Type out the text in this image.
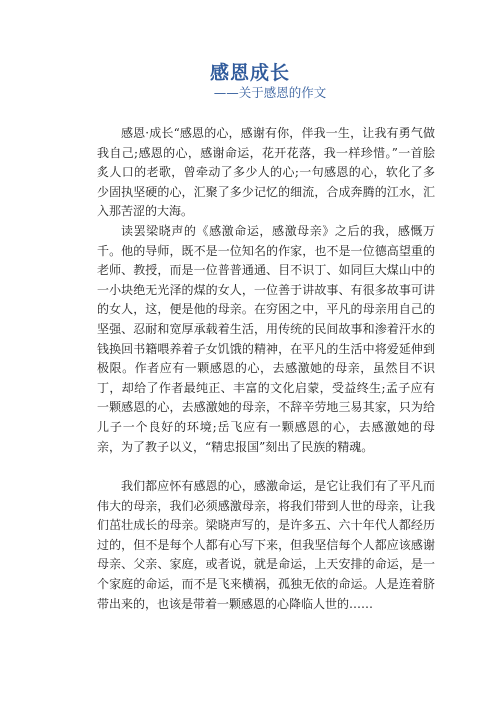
感恩成长
——关于感恩的作文

感恩·成长“感恩的心，感谢有你，伴我一生，让我有勇气做我自己;感恩的心，感谢命运，花开花落，我一样珍惜。”一首脍炙人口的老歌，曾牵动了多少人的心;一句感恩的心，软化了多少固执坚硬的心，汇聚了多少记忆的细流，合成奔腾的江水，汇入那苦涩的大海。

读罢梁晓声的《感激命运，感激母亲》之后的我，感慨万千。他的导师，既不是一位知名的作家，也不是一位德高望重的老师、教授，而是一位普普通通、目不识丁、如同巨大煤山中的一小块绝无光泽的煤的女人，一位善于讲故事、有很多故事可讲的女人，这，便是他的母亲。在穷困之中，平凡的母亲用自己的坚强、忍耐和宽厚承载着生活，用传统的民间故事和渗着汗水的钱换回书籍喂养着子女饥饿的精神，在平凡的生活中将爱延伸到极限。作者应有一颗感恩的心，去感激她的母亲，虽然目不识丁，却给了作者最纯正、丰富的文化启蒙，受益终生;孟子应有一颗感恩的心，去感激她的母亲，不辞辛劳地三易其家，只为给儿子一个良好的环境;岳飞应有一颗感恩的心，去感激她的母亲，为了教子以义，“精忠报国”刻出了民族的精魂。

我们都应怀有感恩的心，感激命运，是它让我们有了平凡而伟大的母亲，我们必须感激母亲，将我们带到人世的母亲，让我们茁壮成长的母亲。梁晓声写的，是许多五、六十年代人都经历过的，但不是每个人都有心写下来，但我坚信每个人都应该感谢母亲、父亲、家庭，或者说，就是命运，上天安排的命运，是一个家庭的命运，而不是飞来横祸，孤独无依的命运。人是连着脐带出来的，也该是带着一颗感恩的心降临人世的……
